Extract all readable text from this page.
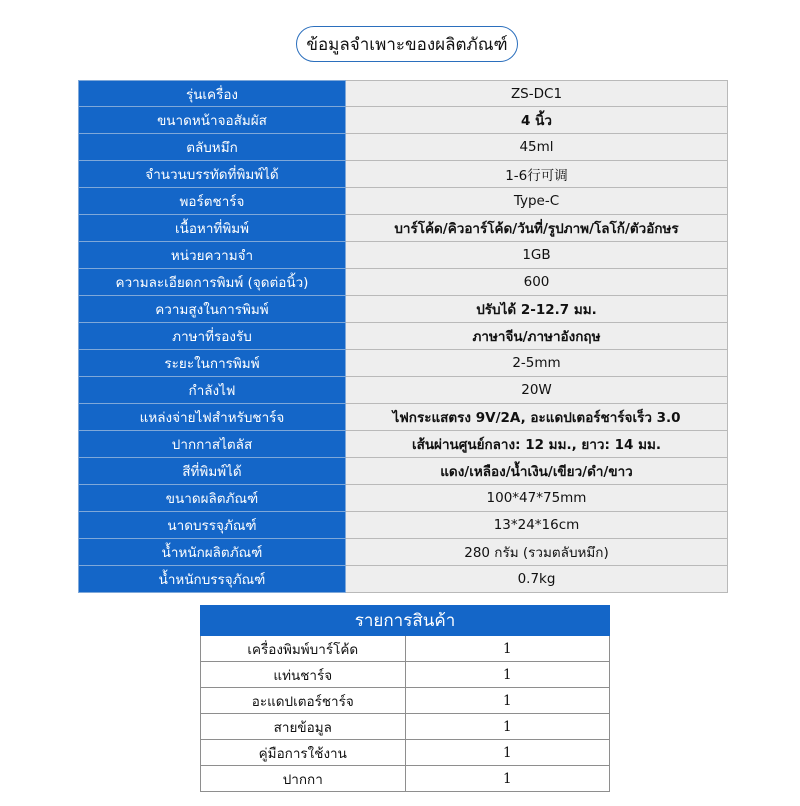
ข้อมูลจำเพาะของผลิตภัณฑ์
รุ่นเครื่อง	ZS-DC1
ขนาดหน้าจอสัมผัส	4 นิ้ว
ตลับหมึก	45ml
จำนวนบรรทัดที่พิมพ์ได้	1-6行可调
พอร์ตชาร์จ	Type-C
เนื้อหาที่พิมพ์	บาร์โค้ด/คิวอาร์โค้ด/วันที่/รูปภาพ/โลโก้/ตัวอักษร
หน่วยความจำ	1GB
ความละเอียดการพิมพ์ (จุดต่อนิ้ว)	600
ความสูงในการพิมพ์	ปรับได้ 2-12.7 มม.
ภาษาที่รองรับ	ภาษาจีน/ภาษาอังกฤษ
ระยะในการพิมพ์	2-5mm
กำลังไฟ	20W
แหล่งจ่ายไฟสำหรับชาร์จ	ไฟกระแสตรง 9V/2A, อะแดปเตอร์ชาร์จเร็ว 3.0
ปากกาสไตลัส	เส้นผ่านศูนย์กลาง: 12 มม., ยาว: 14 มม.
สีที่พิมพ์ได้	แดง/เหลือง/น้ำเงิน/เขียว/ดำ/ขาว
ขนาดผลิตภัณฑ์	100*47*75mm
นาดบรรจุภัณฑ์	13*24*16cm
น้ำหนักผลิตภัณฑ์	280 กรัม (รวมตลับหมึก)
น้ำหนักบรรจุภัณฑ์	0.7kg
รายการสินค้า	
เครื่องพิมพ์บาร์โค้ด	1
แท่นชาร์จ	1
อะแดปเตอร์ชาร์จ	1
สายข้อมูล	1
คู่มือการใช้งาน	1
ปากกา	1
